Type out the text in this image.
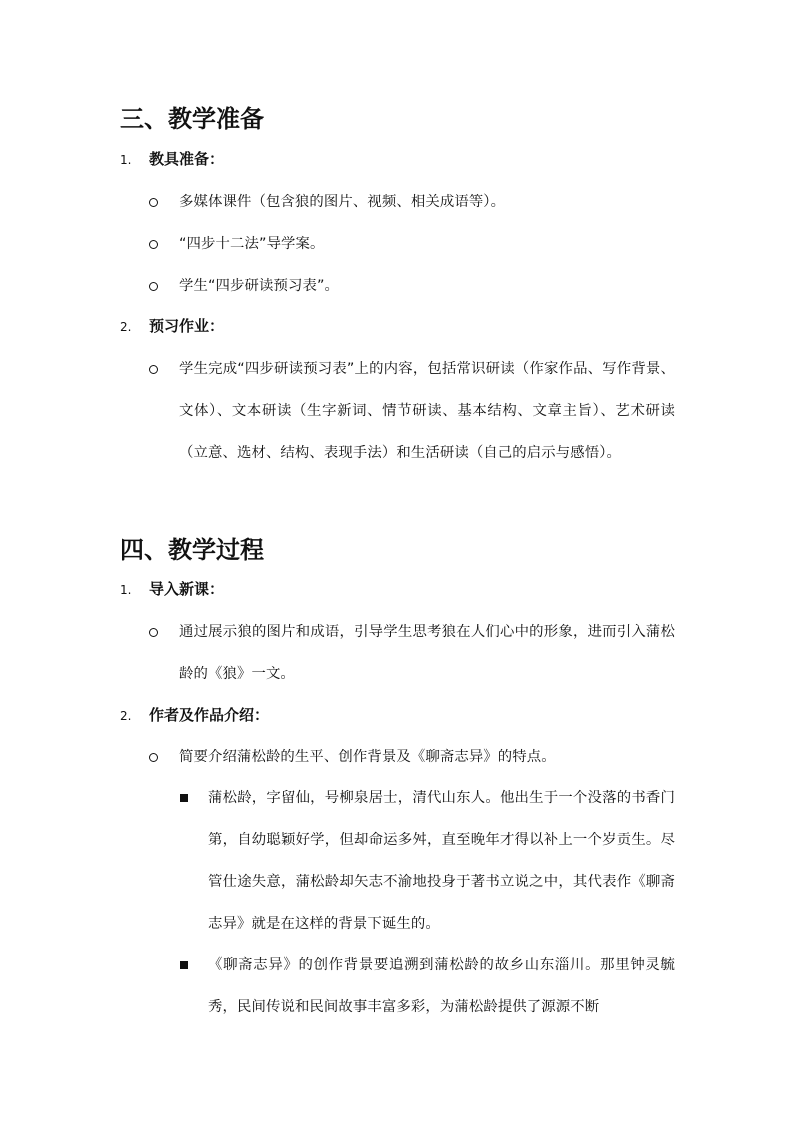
三、教学准备
1. 教具准备：

多媒体课件（包含狼的图片、视频、相关成语等）。

“四步十二法”导学案。

学生“四步研读预习表”。

2. 预习作业：

学生完成“四步研读预习表”上的内容，包括常识研读（作家作品、写作背景、文体）、文本研读（生字新词、情节研读、基本结构、文章主旨）、艺术研读（立意、选材、结构、表现手法）和生活研读（自己的启示与感悟）。

四、教学过程
1. 导入新课：

通过展示狼的图片和成语，引导学生思考狼在人们心中的形象，进而引入蒲松龄的《狼》一文。

2. 作者及作品介绍：

简要介绍蒲松龄的生平、创作背景及《聊斋志异》的特点。

蒲松龄，字留仙，号柳泉居士，清代山东人。他出生于一个没落的书香门第，自幼聪颖好学，但却命运多舛，直至晚年才得以补上一个岁贡生。尽管仕途失意，蒲松龄却矢志不渝地投身于著书立说之中，其代表作《聊斋志异》就是在这样的背景下诞生的。

《聊斋志异》的创作背景要追溯到蒲松龄的故乡山东淄川。那里钟灵毓秀，民间传说和民间故事丰富多彩，为蒲松龄提供了源源不断
